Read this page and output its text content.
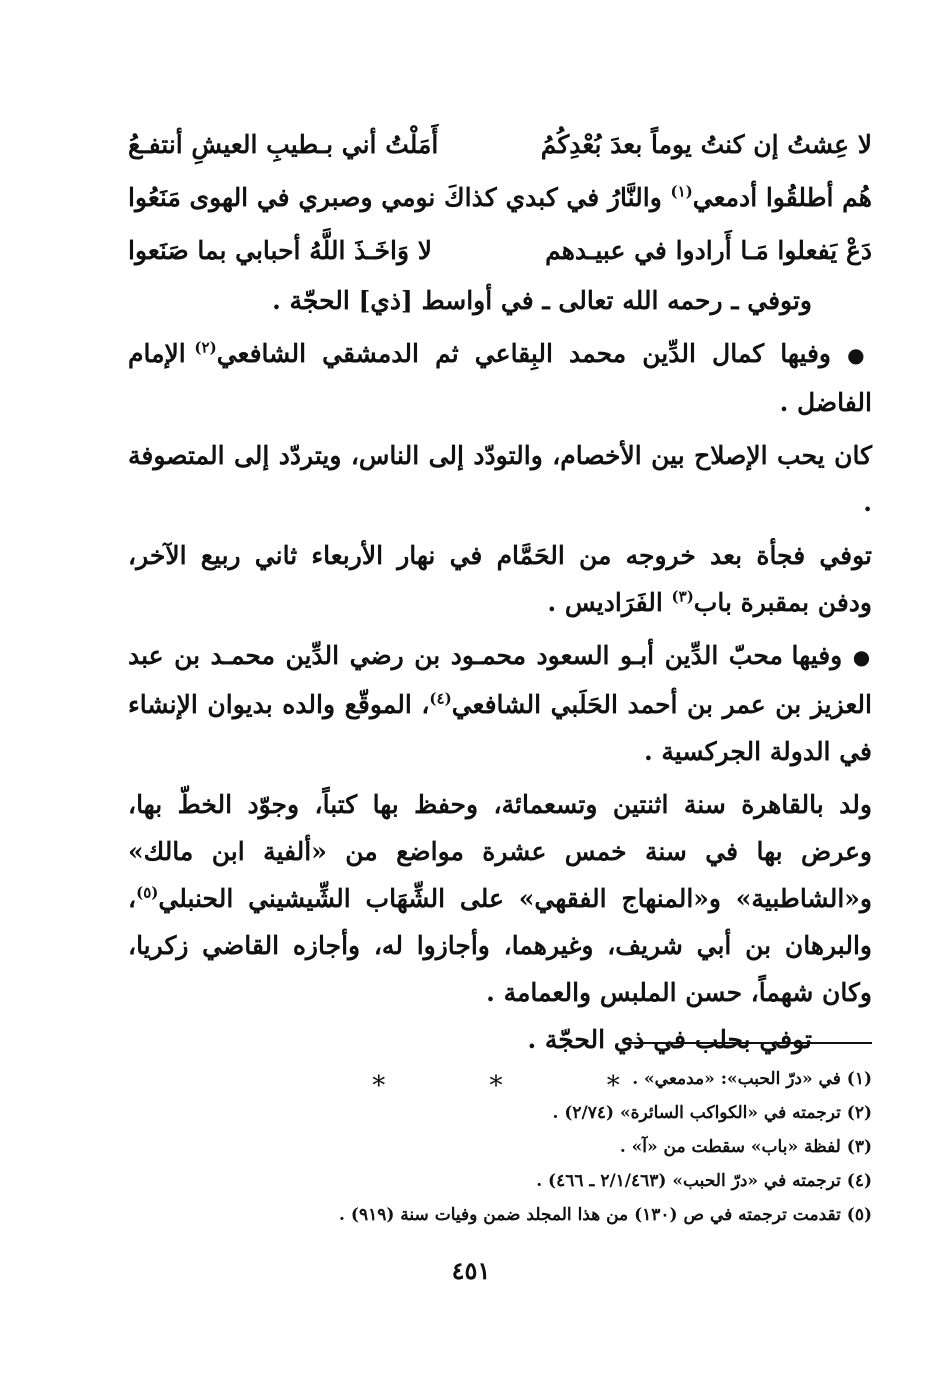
لا عِشتُ إن كنتُ يوماً بعدَ بُعْدِكُمُ
أَمَلْتُ أني بـطيبِ العيشِ أنتفـعُ
هُم أطلقُوا أدمعي$^{(١)}$ والنَّارُ في كبدي
كذاكَ نومي وصبري في الهوى مَنَعُوا
دَعْ يَفعلوا مَـا أَرادوا في عبيـدهم
لا وَاخَـذَ اللَّهُ أحبابي بما صَنَعوا

وتوفي ـ رحمه الله تعالى ـ في أواسط [ذي] الحجّة .

● وفيها كمال الدِّين محمد البِقاعي ثم الدمشقي الشافعي$^{(٢)}$ الإمام الفاضل .

كان يحب الإصلاح بين الأخصام، والتودّد إلى الناس، ويتردّد إلى المتصوفة .

توفي فجأة بعد خروجه من الحَمَّام في نهار الأربعاء ثاني ربيع الآخر، ودفن بمقبرة باب$^{(٣)}$ الفَرَاديس .

● وفيها محبّ الدِّين أبـو السعود محمـود بن رضي الدِّين محمـد بن عبد العزيز بن عمر بن أحمد الحَلَبي الشافعي$^{(٤)}$، الموقّع والده بديوان الإنشاء في الدولة الجركسية .

ولد بالقاهرة سنة اثنتين وتسعمائة، وحفظ بها كتباً، وجوّد الخطّ بها، وعرض بها في سنة خمس عشرة مواضع من «ألفية ابن مالك» و«الشاطبية» و«المنهاج الفقهي» على الشِّهَاب الشِّيشيني الحنبلي$^{(٥)}$، والبرهان بن أبي شريف، وغيرهما، وأجازوا له، وأجازه القاضي زكريا، وكان شهماً، حسن الملبس والعمامة .

توفي بحلب في ذي الحجّة .

* * *
(١) في «درّ الحبب»: «مدمعي» .
(٢) ترجمته في «الكواكب السائرة» (٢/٧٤) .
(٣) لفظة «باب» سقطت من «آ» .
(٤) ترجمته في «درّ الحبب» (٢/١/٤٦٣ ـ ٤٦٦) .
(٥) تقدمت ترجمته في ص (١٣٠) من هذا المجلد ضمن وفيات سنة (٩١٩) .
٤٥١
